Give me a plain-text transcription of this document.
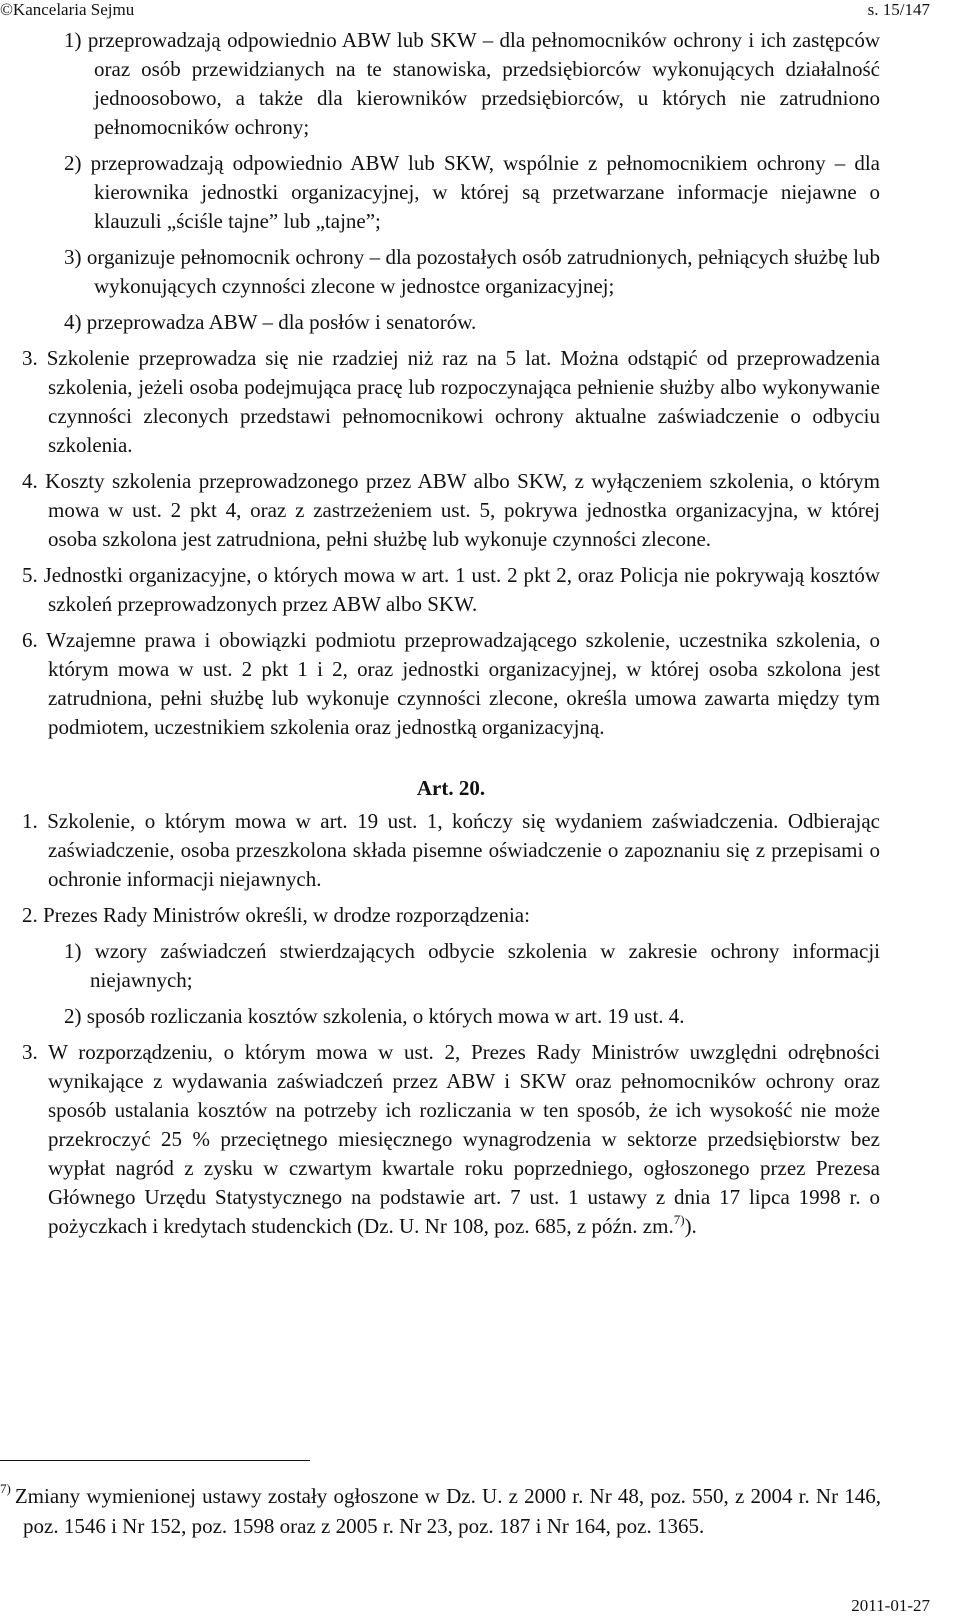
©Kancelaria Sejmu	s. 15/147

1) przeprowadzają odpowiednio ABW lub SKW – dla pełnomocników ochrony i ich zastępców oraz osób przewidzianych na te stanowiska, przedsiębiorców wykonujących działalność jednoosobowo, a także dla kierowników przedsiębiorców, u których nie zatrudniono pełnomocników ochrony;

2) przeprowadzają odpowiednio ABW lub SKW, wspólnie z pełnomocnikiem ochrony – dla kierownika jednostki organizacyjnej, w której są przetwarzane informacje niejawne o klauzuli „ściśle tajne” lub „tajne”;

3) organizuje pełnomocnik ochrony – dla pozostałych osób zatrudnionych, pełniących służbę lub wykonujących czynności zlecone w jednostce organizacyjnej;

4) przeprowadza ABW – dla posłów i senatorów.

3. Szkolenie przeprowadza się nie rzadziej niż raz na 5 lat. Można odstąpić od przeprowadzenia szkolenia, jeżeli osoba podejmująca pracę lub rozpoczynająca pełnienie służby albo wykonywanie czynności zleconych przedstawi pełnomocnikowi ochrony aktualne zaświadczenie o odbyciu szkolenia.

4. Koszty szkolenia przeprowadzonego przez ABW albo SKW, z wyłączeniem szkolenia, o którym mowa w ust. 2 pkt 4, oraz z zastrzeżeniem ust. 5, pokrywa jednostka organizacyjna, w której osoba szkolona jest zatrudniona, pełni służbę lub wykonuje czynności zlecone.

5. Jednostki organizacyjne, o których mowa w art. 1 ust. 2 pkt 2, oraz Policja nie pokrywają kosztów szkoleń przeprowadzonych przez ABW albo SKW.

6. Wzajemne prawa i obowiązki podmiotu przeprowadzającego szkolenie, uczestnika szkolenia, o którym mowa w ust. 2 pkt 1 i 2, oraz jednostki organizacyjnej, w której osoba szkolona jest zatrudniona, pełni służbę lub wykonuje czynności zlecone, określa umowa zawarta między tym podmiotem, uczestnikiem szkolenia oraz jednostką organizacyjną.

Art. 20.

1. Szkolenie, o którym mowa w art. 19 ust. 1, kończy się wydaniem zaświadczenia. Odbierając zaświadczenie, osoba przeszkolona składa pisemne oświadczenie o zapoznaniu się z przepisami o ochronie informacji niejawnych.

2. Prezes Rady Ministrów określi, w drodze rozporządzenia:

1) wzory zaświadczeń stwierdzających odbycie szkolenia w zakresie ochrony informacji niejawnych;

2) sposób rozliczania kosztów szkolenia, o których mowa w art. 19 ust. 4.

3. W rozporządzeniu, o którym mowa w ust. 2, Prezes Rady Ministrów uwzględni odrębności wynikające z wydawania zaświadczeń przez ABW i SKW oraz pełnomocników ochrony oraz sposób ustalania kosztów na potrzeby ich rozliczania w ten sposób, że ich wysokość nie może przekroczyć 25 % przeciętnego miesięcznego wynagrodzenia w sektorze przedsiębiorstw bez wypłat nagród z zysku w czwartym kwartale roku poprzedniego, ogłoszonego przez Prezesa Głównego Urzędu Statystycznego na podstawie art. 7 ust. 1 ustawy z dnia 17 lipca 1998 r. o pożyczkach i kredytach studenckich (Dz. U. Nr 108, poz. 685, z późn. zm.$^{7)}$).

$^{7)}$ Zmiany wymienionej ustawy zostały ogłoszone w Dz. U. z 2000 r. Nr 48, poz. 550, z 2004 r. Nr 146, poz. 1546 i Nr 152, poz. 1598 oraz z 2005 r. Nr 23, poz. 187 i Nr 164, poz. 1365.
2011-01-27
